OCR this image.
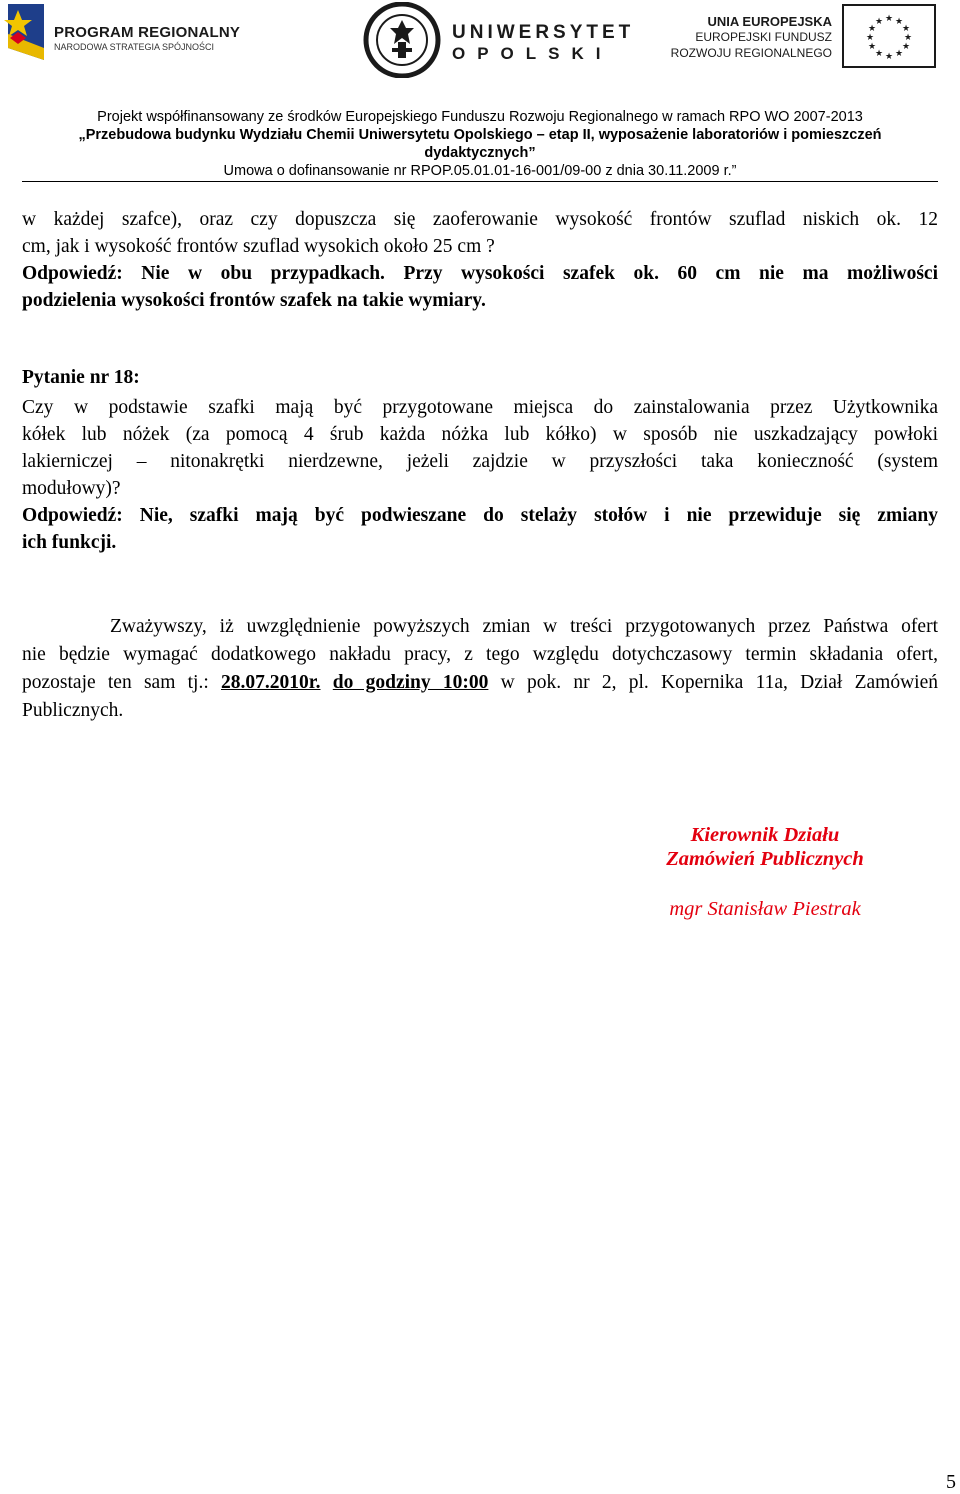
PROGRAM REGIONALNY
NARODOWA STRATEGIA SPÓJNOŚCI
UNIWERSYTET
OPOLSKI
UNIA EUROPEJSKA
EUROPEJSKI FUNDUSZ
ROZWOJU REGIONALNEGO
★ ★
★
★
★
★
★
★
★
★
★
★
Projekt współfinansowany ze środków Europejskiego Funduszu Rozwoju Regionalnego w ramach RPO WO 2007-2013
„Przebudowa budynku Wydziału Chemii Uniwersytetu Opolskiego – etap II, wyposażenie laboratoriów i pomieszczeń
dydaktycznych”
Umowa o dofinansowanie nr RPOP.05.01.01-16-001/09-00 z dnia 30.11.2009 r.”
w każdej szafce), oraz czy dopuszcza się zaoferowanie wysokość frontów szuflad niskich ok. 12
cm, jak i wysokość frontów szuflad wysokich około 25 cm ?
Odpowiedź: Nie w obu przypadkach. Przy wysokości szafek ok. 60 cm nie ma możliwości
podzielenia wysokości frontów szafek na takie wymiary.
Pytanie nr 18:
Czy w podstawie szafki mają być przygotowane miejsca do zainstalowania przez Użytkownika
kółek lub nóżek (za pomocą 4 śrub każda nóżka lub kółko) w sposób nie uszkadzający powłoki
lakierniczej – nitonakrętki nierdzewne, jeżeli zajdzie w przyszłości taka konieczność (system
modułowy)?
Odpowiedź: Nie, szafki mają być podwieszane do stelaży stołów i nie przewiduje się zmiany
ich funkcji.
Zważywszy, iż uwzględnienie powyższych zmian w treści przygotowanych przez Państwa ofert
nie będzie wymagać dodatkowego nakładu pracy, z tego względu dotychczasowy termin składania ofert,
pozostaje ten sam tj.: 28.07.2010r. do godziny 10:00 w pok. nr 2, pl. Kopernika 11a, Dział Zamówień
Publicznych.
Kierownik Działu
Zamówień Publicznych
mgr Stanisław Piestrak
5
